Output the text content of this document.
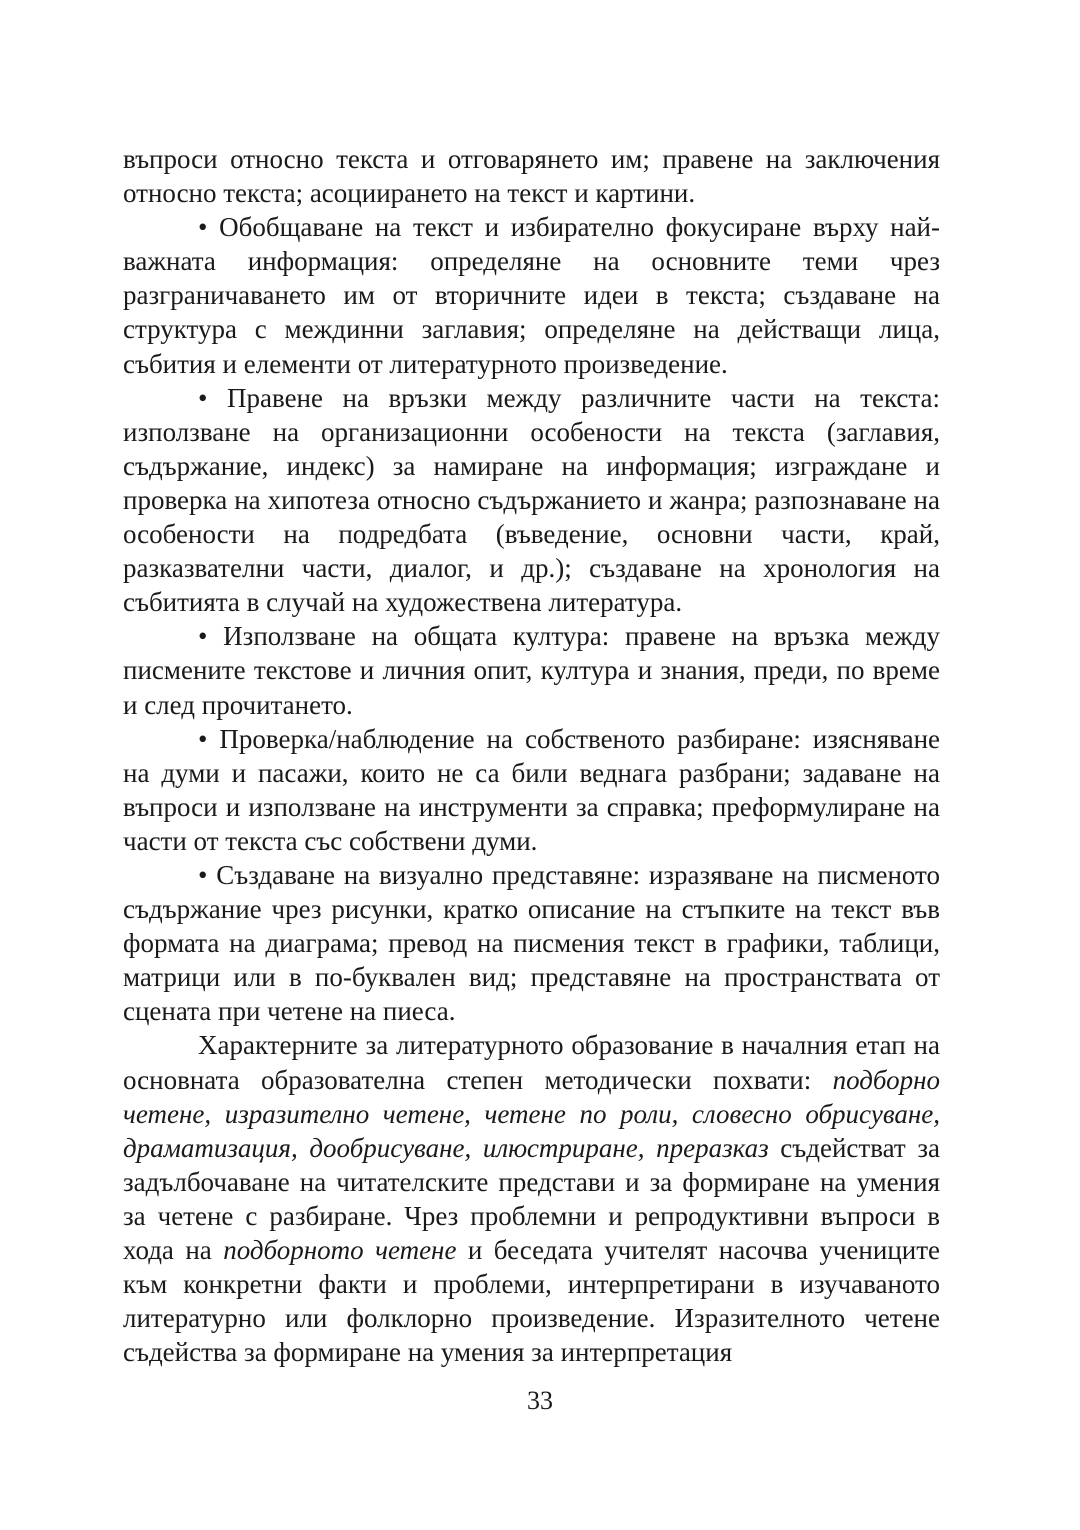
въпроси относно текста и отговарянето им; правене на заключения относно текста; асоциирането на текст и картини.

• Обобщаване на текст и избирателно фокусиране върху най-важната информация: определяне на основните теми чрез разграничаването им от вторичните идеи в текста; създаване на структура с междинни заглавия; определяне на действащи лица, събития и елементи от литературното произведение.

• Правене на връзки между различните части на текста: използване на организационни особености на текста (заглавия, съдържание, индекс) за намиране на информация; изграждане и проверка на хипотеза относно съдържанието и жанра; разпознаване на особености на подредбата (въведение, основни части, край, разказвателни части, диалог, и др.); създаване на хронология на събитията в случай на художествена литература.

• Използване на общата култура: правене на връзка между писмените текстове и личния опит, култура и знания, преди, по време и след прочитането.

• Проверка/наблюдение на собственото разбиране: изясняване на думи и пасажи, които не са били веднага разбрани; задаване на въпроси и използване на инструменти за справка; преформулиране на части от текста със собствени думи.

• Създаване на визуално представяне: изразяване на писменото съдържание чрез рисунки, кратко описание на стъпките на текст във формата на диаграма; превод на писмения текст в графики, таблици, матрици или в по-буквален вид; представяне на пространствата от сцената при четене на пиеса.

Характерните за литературното образование в началния етап на основната образователна степен методически похвати: подборно четене, изразително четене, четене по роли, словесно обрисуване, драматизация, дообрисуване, илюстриране, преразказ съдействат за задълбочаване на читателските представи и за формиране на умения за четене с разбиране. Чрез проблемни и репродуктивни въпроси в хода на подборното четене и беседата учителят насочва учениците към конкретни факти и проблеми, интерпретирани в изучаваното литературно или фолклорно произведение. Изразителното четене съдейства за формиране на умения за интерпретация

33
